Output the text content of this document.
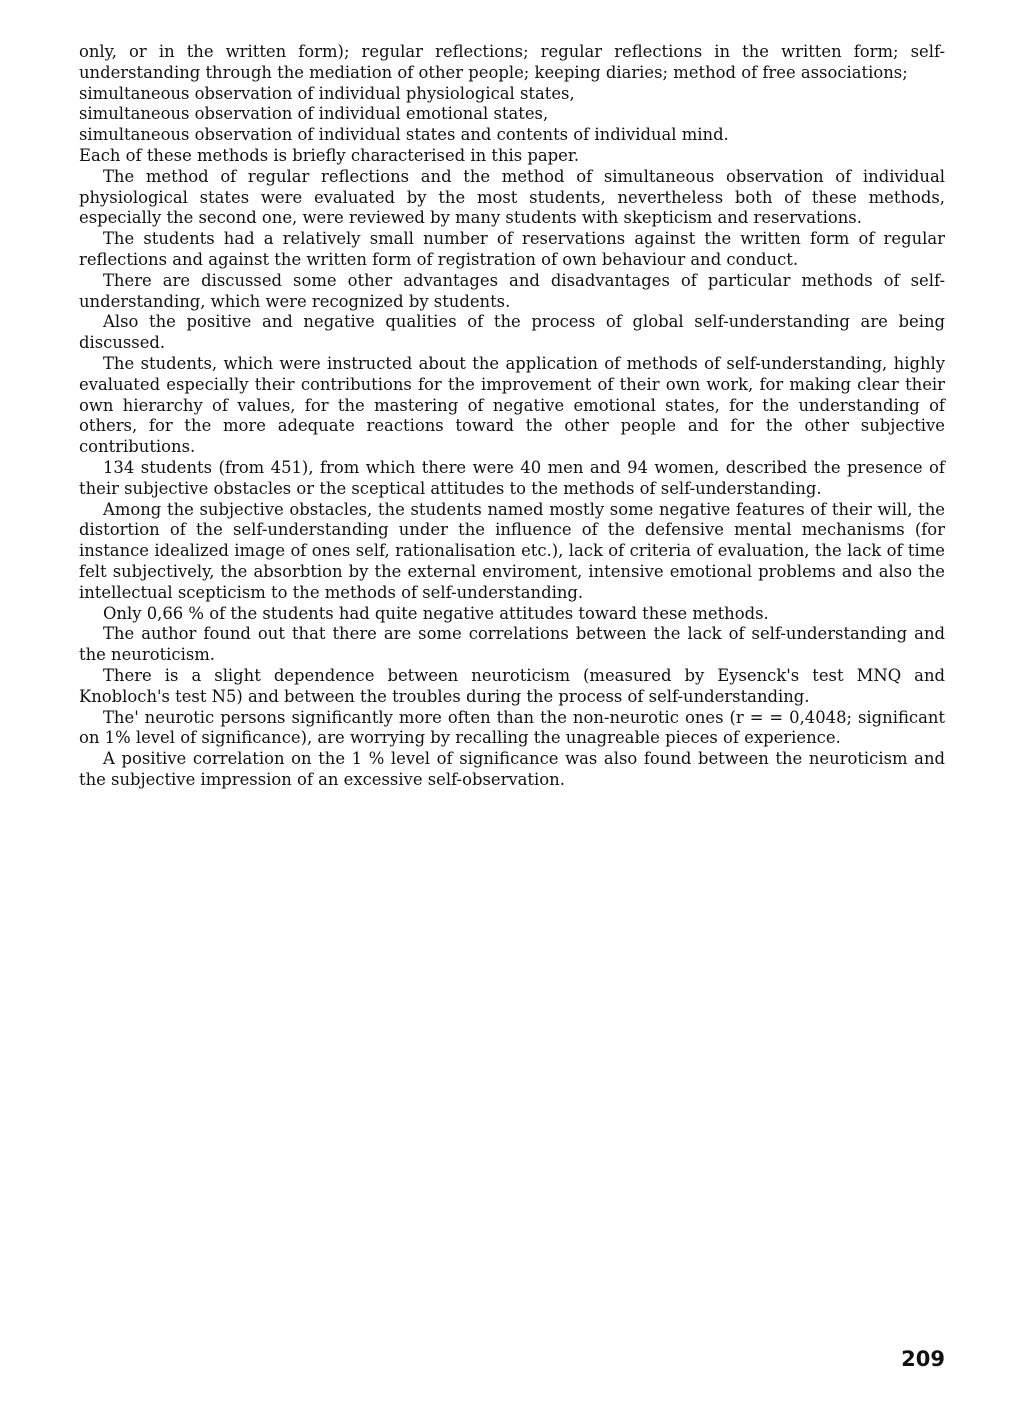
only, or in the written form); regular reflections; regular reflections in the written form; self-understanding through the mediation of other people; keeping diaries; method of free associations;

simultaneous observation of individual physiological states,

simultaneous observation of individual emotional states,

simultaneous observation of individual states and contents of individual mind.

Each of these methods is briefly characterised in this paper.

The method of regular reflections and the method of simultaneous observation of individual physiological states were evaluated by the most students, nevertheless both of these methods, especially the second one, were reviewed by many students with skepticism and reservations.

The students had a relatively small number of reservations against the written form of regular reflections and against the written form of registration of own behaviour and conduct.

There are discussed some other advantages and disadvantages of particular methods of self-understanding, which were recognized by students.

Also the positive and negative qualities of the process of global self-understanding are being discussed.

The students, which were instructed about the application of methods of self-understanding, highly evaluated especially their contributions for the improvement of their own work, for making clear their own hierarchy of values, for the mastering of negative emotional states, for the understanding of others, for the more adequate reactions toward the other people and for the other subjective contributions.

134 students (from 451), from which there were 40 men and 94 women, described the presence of their subjective obstacles or the sceptical attitudes to the methods of self-understanding.

Among the subjective obstacles, the students named mostly some negative features of their will, the distortion of the self-understanding under the influence of the defensive mental mechanisms (for instance idealized image of ones self, rationalisation etc.), lack of criteria of evaluation, the lack of time felt subjectively, the absorbtion by the external enviroment, intensive emotional problems and also the intellectual scepticism to the methods of self-understanding.

Only 0,66 % of the students had quite negative attitudes toward these methods.

The author found out that there are some correlations between the lack of self-understanding and the neuroticism.

There is a slight dependence between neuroticism (measured by Eysenck's test MNQ and Knobloch's test N5) and between the troubles during the process of self-understanding.

The' neurotic persons significantly more often than the non-neurotic ones (r = = 0,4048; significant on 1% level of significance), are worrying by recalling the unagreable pieces of experience.

A positive correlation on the 1 % level of significance was also found between the neuroticism and the subjective impression of an excessive self-observation.

209
